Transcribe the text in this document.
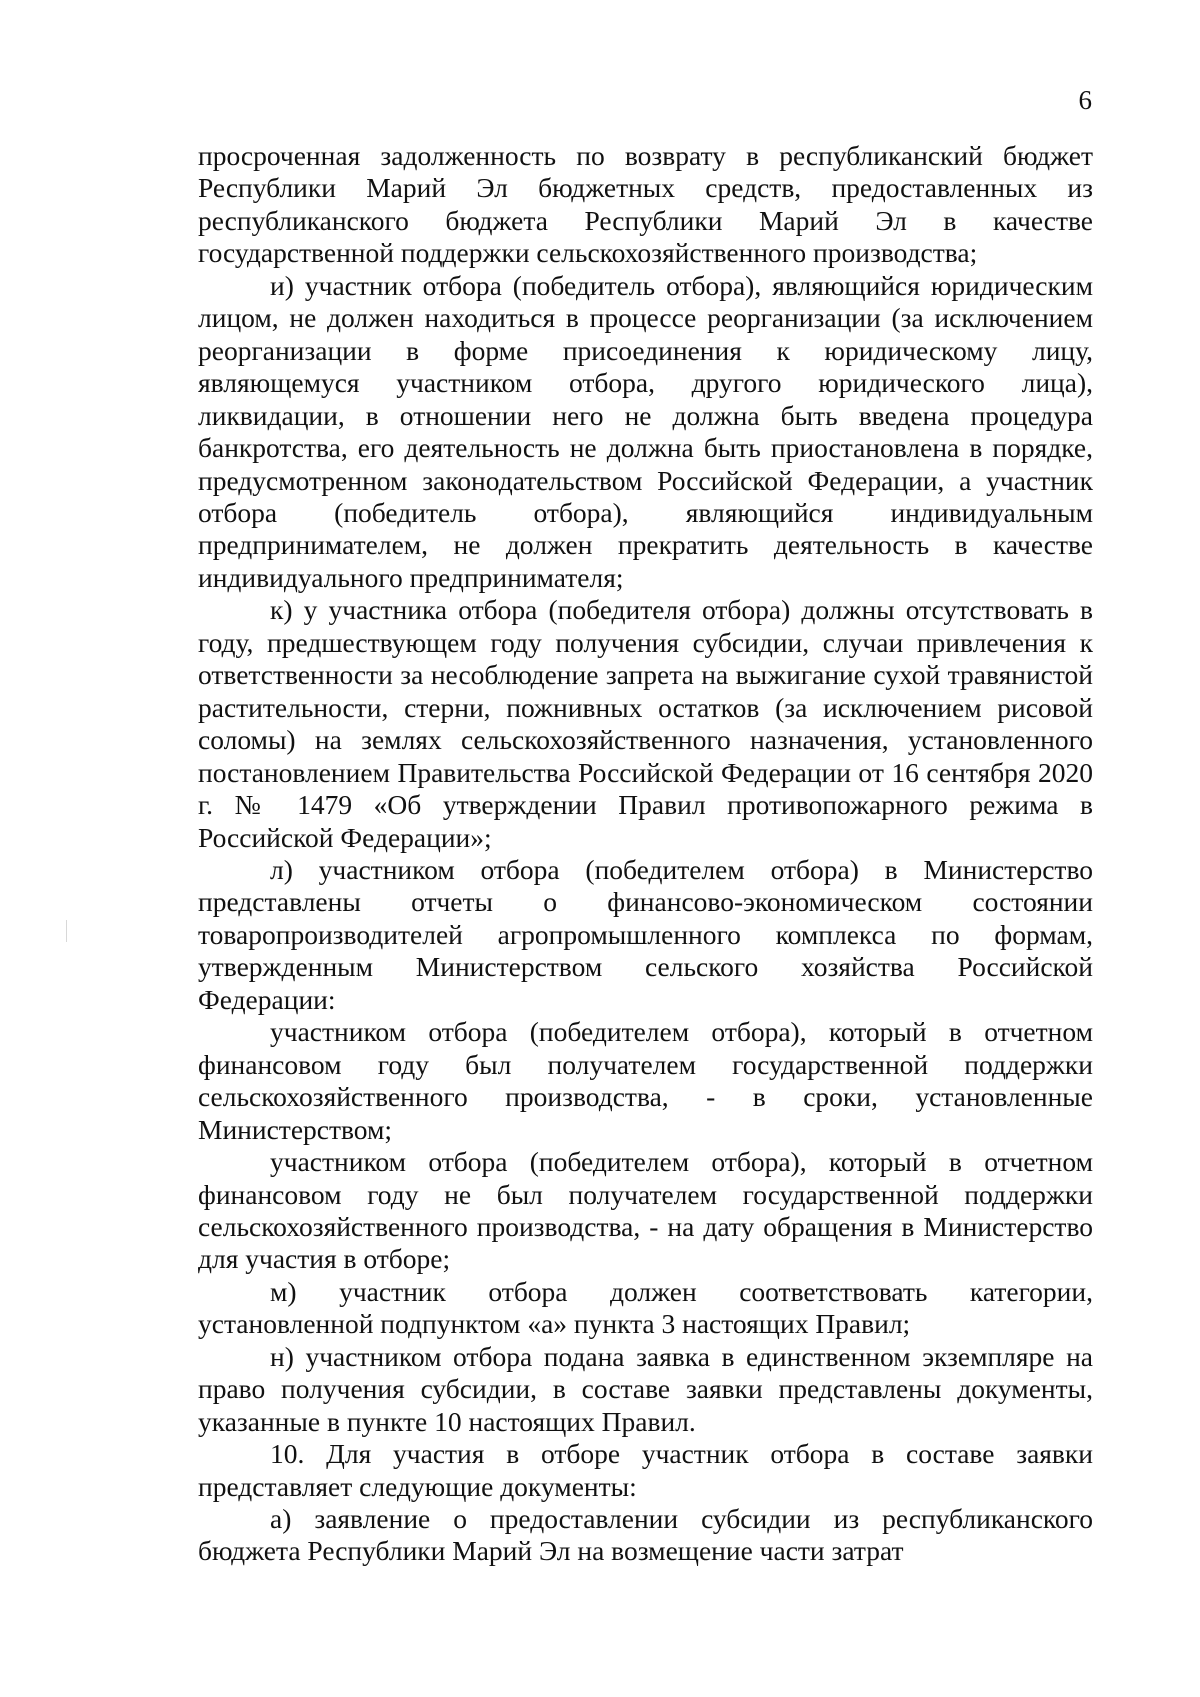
6

просроченная задолженность по возврату в республиканский бюджет Республики Марий Эл бюджетных средств, предоставленных из республиканского бюджета Республики Марий Эл в качестве государственной поддержки сельскохозяйственного производства;

и) участник отбора (победитель отбора), являющийся юридическим лицом, не должен находиться в процессе реорганизации (за исключением реорганизации в форме присоединения к юридическому лицу, являющемуся участником отбора, другого юридического лица), ликвидации, в отношении него не должна быть введена процедура банкротства, его деятельность не должна быть приостановлена в порядке, предусмотренном законодательством Российской Федерации, а участник отбора (победитель отбора), являющийся индивидуальным предпринимателем, не должен прекратить деятельность в качестве индивидуального предпринимателя;

к) у участника отбора (победителя отбора) должны отсутствовать в году, предшествующем году получения субсидии, случаи привлечения к ответственности за несоблюдение запрета на выжигание сухой травянистой растительности, стерни, пожнивных остатков (за исключением рисовой соломы) на землях сельскохозяйственного назначения, установленного постановлением Правительства Российской Федерации от 16 сентября 2020 г. № 1479 «Об утверждении Правил противопожарного режима в Российской Федерации»;

л) участником отбора (победителем отбора) в Министерство представлены отчеты о финансово-экономическом состоянии товаропроизводителей агропромышленного комплекса по формам, утвержденным Министерством сельского хозяйства Российской Федерации:

участником отбора (победителем отбора), который в отчетном финансовом году был получателем государственной поддержки сельскохозяйственного производства, - в сроки, установленные Министерством;

участником отбора (победителем отбора), который в отчетном финансовом году не был получателем государственной поддержки сельскохозяйственного производства, - на дату обращения в Министерство для участия в отборе;

м) участник отбора должен соответствовать категории, установленной подпунктом «а» пункта 3 настоящих Правил;

н) участником отбора подана заявка в единственном экземпляре на право получения субсидии, в составе заявки представлены документы, указанные в пункте 10 настоящих Правил.

10. Для участия в отборе участник отбора в составе заявки представляет следующие документы:

а) заявление о предоставлении субсидии из республиканского бюджета Республики Марий Эл на возмещение части затрат
